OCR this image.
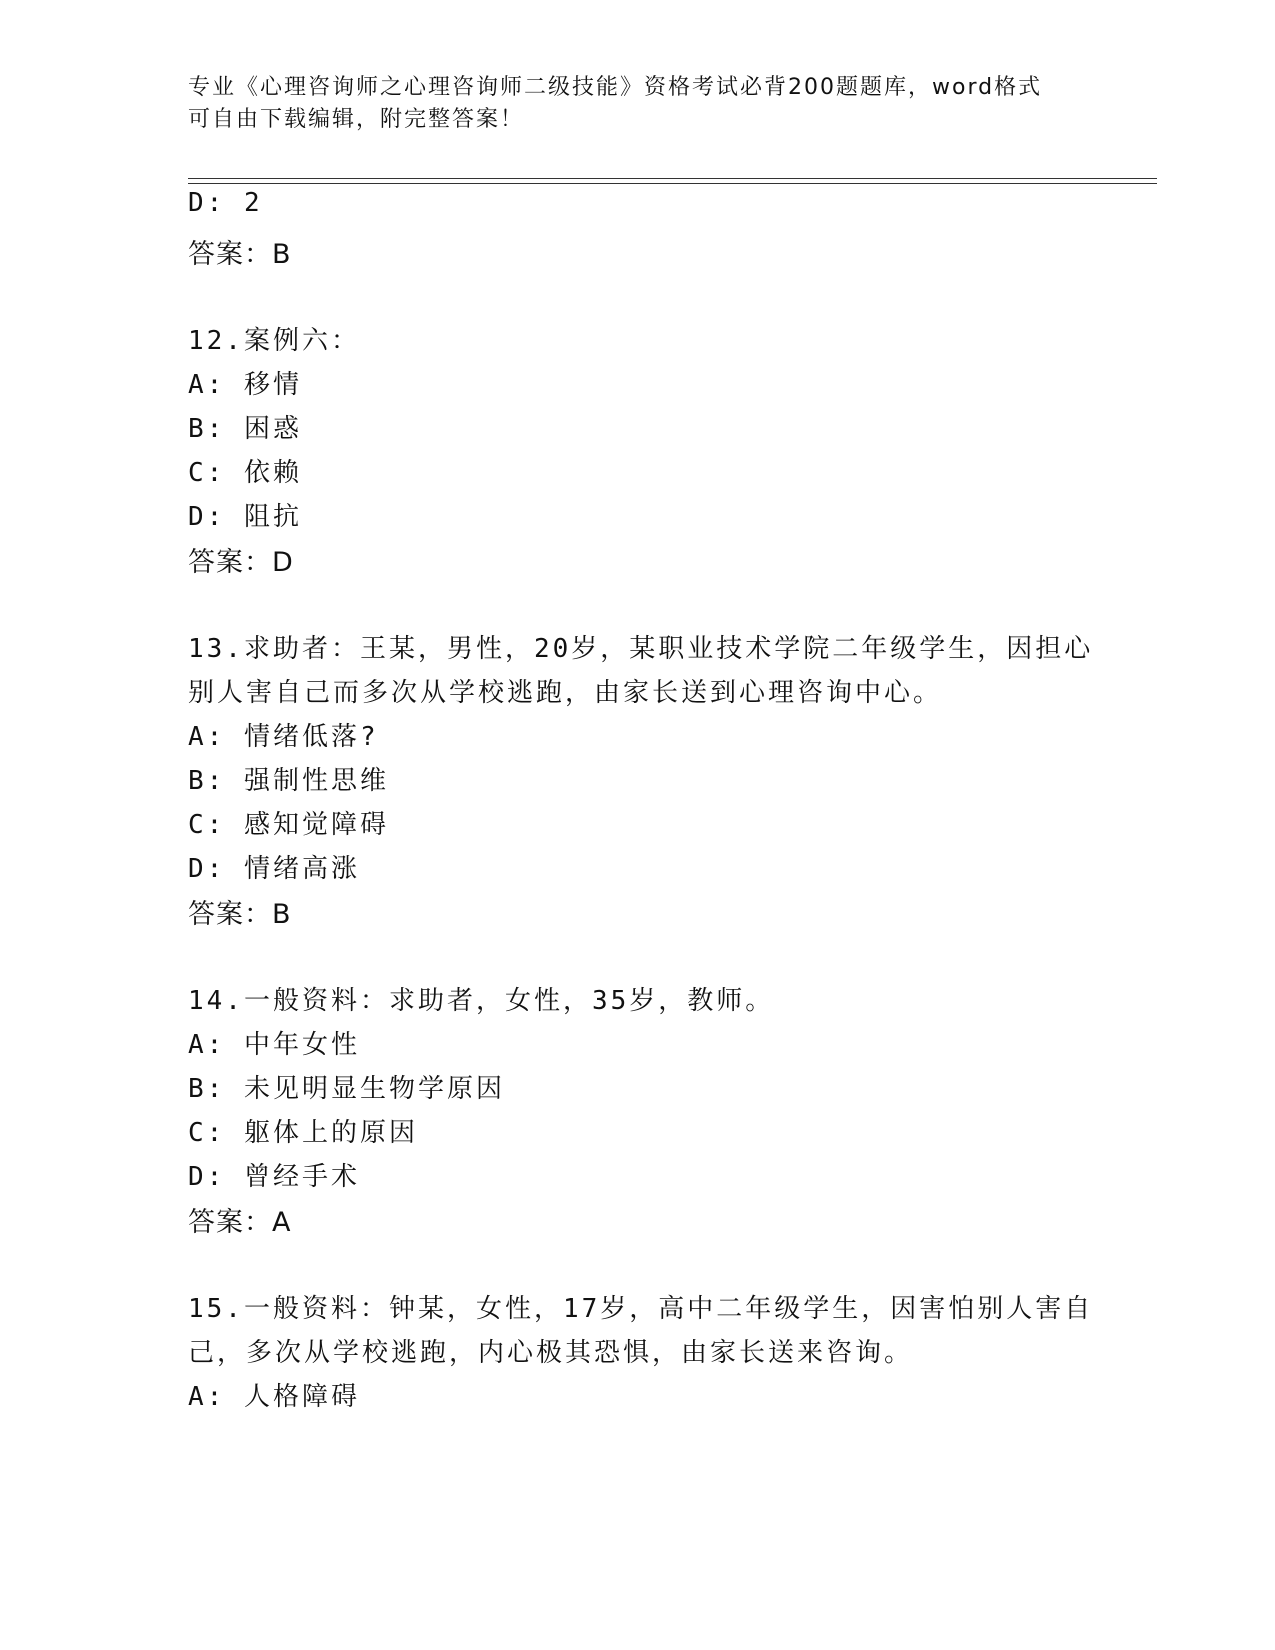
专业《心理咨询师之心理咨询师二级技能》资格考试必背200题题库，word格式
可自由下载编辑，附完整答案！
D: 2
答案：B
12.案例六：
A: 移情
B: 困惑
C: 依赖
D: 阻抗
答案：D
13.求助者：王某，男性，20岁，某职业技术学院二年级学生，因担心
别人害自己而多次从学校逃跑，由家长送到心理咨询中心。
A: 情绪低落?
B: 强制性思维
C: 感知觉障碍
D: 情绪高涨
答案：B
14.一般资料：求助者，女性，35岁，教师。
A: 中年女性
B: 未见明显生物学原因
C: 躯体上的原因
D: 曾经手术
答案：A
15.一般资料：钟某，女性，17岁，高中二年级学生，因害怕别人害自
己，多次从学校逃跑，内心极其恐惧，由家长送来咨询。
A: 人格障碍
